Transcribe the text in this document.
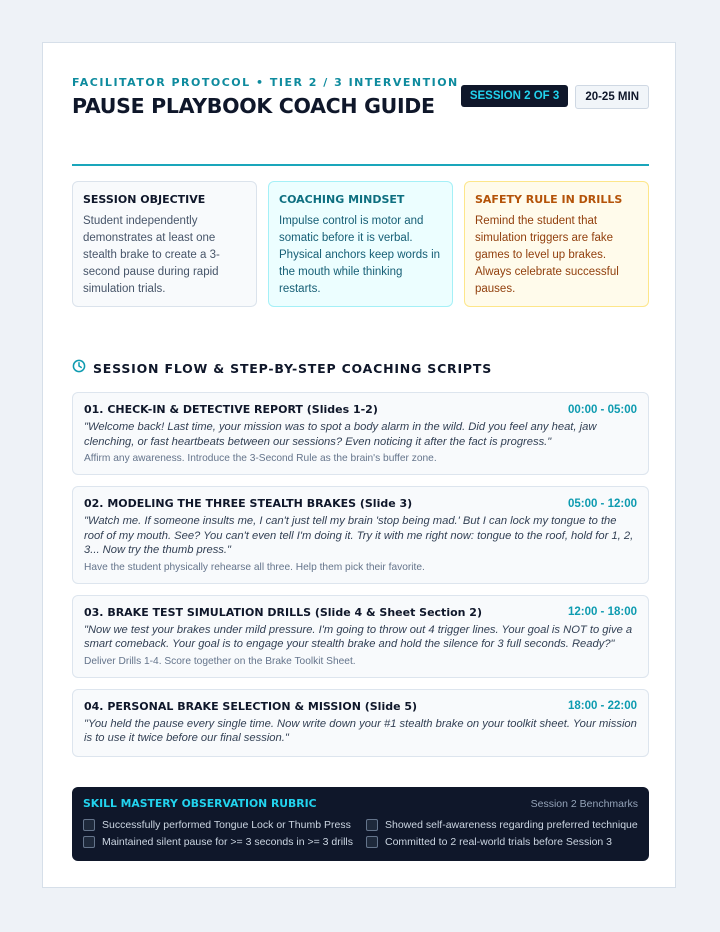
FACILITATOR PROTOCOL • TIER 2 / 3 INTERVENTION
PAUSE PLAYBOOK COACH GUIDE	SESSION 2 OF 3	20-25 MIN
SESSION OBJECTIVE

Student independently demonstrates at least one stealth brake to create a 3-second pause during rapid simulation trials.

COACHING MINDSET

Impulse control is motor and somatic before it is verbal. Physical anchors keep words in the mouth while thinking restarts.

SAFETY RULE IN DRILLS

Remind the student that simulation triggers are fake games to level up brakes. Always celebrate successful pauses.

SESSION FLOW & STEP-BY-STEP COACHING SCRIPTS
01. CHECK-IN & DETECTIVE REPORT (Slides 1-2)	00:00 - 05:00
"Welcome back! Last time, your mission was to spot a body alarm in the wild. Did you feel any heat, jaw clenching, or fast heartbeats between our sessions? Even noticing it after the fact is progress."
Affirm any awareness. Introduce the 3-Second Rule as the brain's buffer zone.
02. MODELING THE THREE STEALTH BRAKES (Slide 3)	05:00 - 12:00
"Watch me. If someone insults me, I can't just tell my brain 'stop being mad.' But I can lock my tongue to the roof of my mouth. See? You can't even tell I'm doing it. Try it with me right now: tongue to the roof, hold for 1, 2, 3... Now try the thumb press."
Have the student physically rehearse all three. Help them pick their favorite.
03. BRAKE TEST SIMULATION DRILLS (Slide 4 & Sheet Section 2)	12:00 - 18:00
"Now we test your brakes under mild pressure. I'm going to throw out 4 trigger lines. Your goal is NOT to give a smart comeback. Your goal is to engage your stealth brake and hold the silence for 3 full seconds. Ready?"
Deliver Drills 1-4. Score together on the Brake Toolkit Sheet.
04. PERSONAL BRAKE SELECTION & MISSION (Slide 5)	18:00 - 22:00
"You held the pause every single time. Now write down your #1 stealth brake on your toolkit sheet. Your mission is to use it twice before our final session."
SKILL MASTERY OBSERVATION RUBRIC	Session 2 Benchmarks
Successfully performed Tongue Lock or Thumb Press	Showed self-awareness regarding preferred technique
Maintained silent pause for >= 3 seconds in >= 3 drills	Committed to 2 real-world trials before Session 3
